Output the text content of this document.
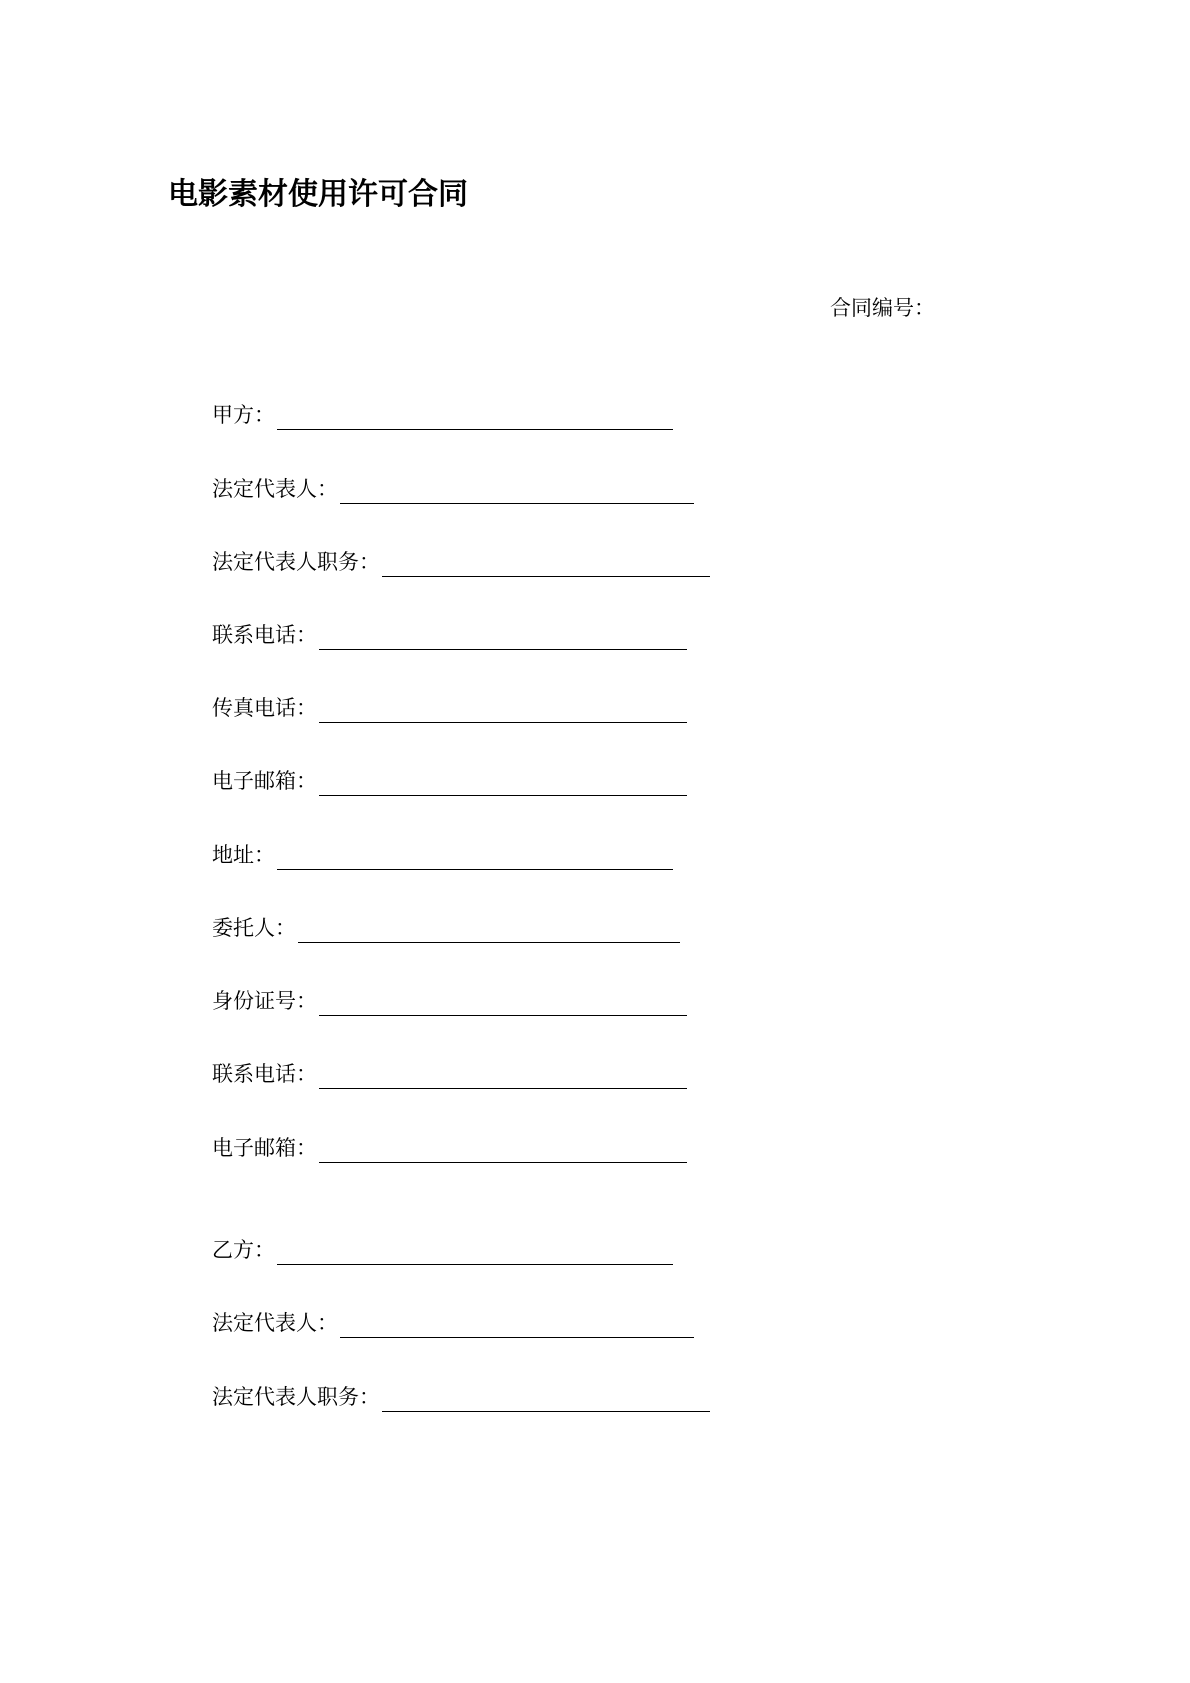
电影素材使用许可合同
合同编号：
甲方：
法定代表人：
法定代表人职务：
联系电话：
传真电话：
电子邮箱：
地址：
委托人：
身份证号：
联系电话：
电子邮箱：
乙方：
法定代表人：
法定代表人职务：
